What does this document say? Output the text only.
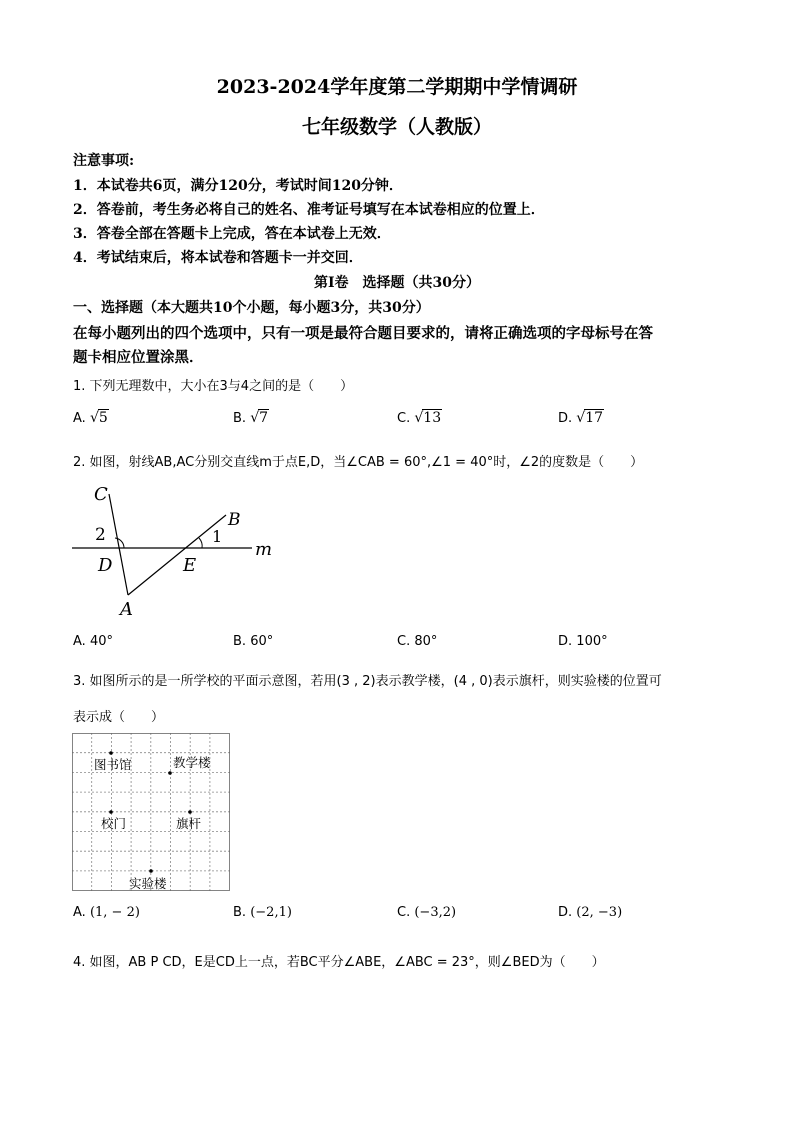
2023-2024学年度第二学期期中学情调研
七年级数学（人教版）
注意事项:
1．本试卷共6页，满分120分，考试时间120分钟．
2．答卷前，考生务必将自己的姓名、准考证号填写在本试卷相应的位置上．
3．答卷全部在答题卡上完成，答在本试卷上无效．
4．考试结束后，将本试卷和答题卡一并交回．
第Ⅰ卷　选择题（共30分）
一、选择题（本大题共10个小题，每小题3分，共30分）
在每小题列出的四个选项中，只有一项是最符合题目要求的，请将正确选项的字母标号在答
题卡相应位置涂黑．
1. 下列无理数中，大小在3与4之间的是（　　）
A. √5	B. √7	C. √13	D. √17
2. 如图，射线AB,AC分别交直线m于点E,D，当∠CAB = 60°,∠1 = 40°时，∠2的度数是（　　）
C
B
2	1
m
D	E
A
A. 40°	B. 60°	C. 80°	D. 100°
3. 如图所示的是一所学校的平面示意图，若用(3 , 2)表示教学楼，(4 , 0)表示旗杆，则实验楼的位置可
表示成（　　）
图书馆	教学楼
校门	旗杆
实验楼
A. (1, − 2)	B. (−2,1)	C. (−3,2)	D. (2, −3)
4. 如图，AB P CD，E是CD上一点，若BC平分∠ABE，∠ABC = 23°，则∠BED为（　　）
